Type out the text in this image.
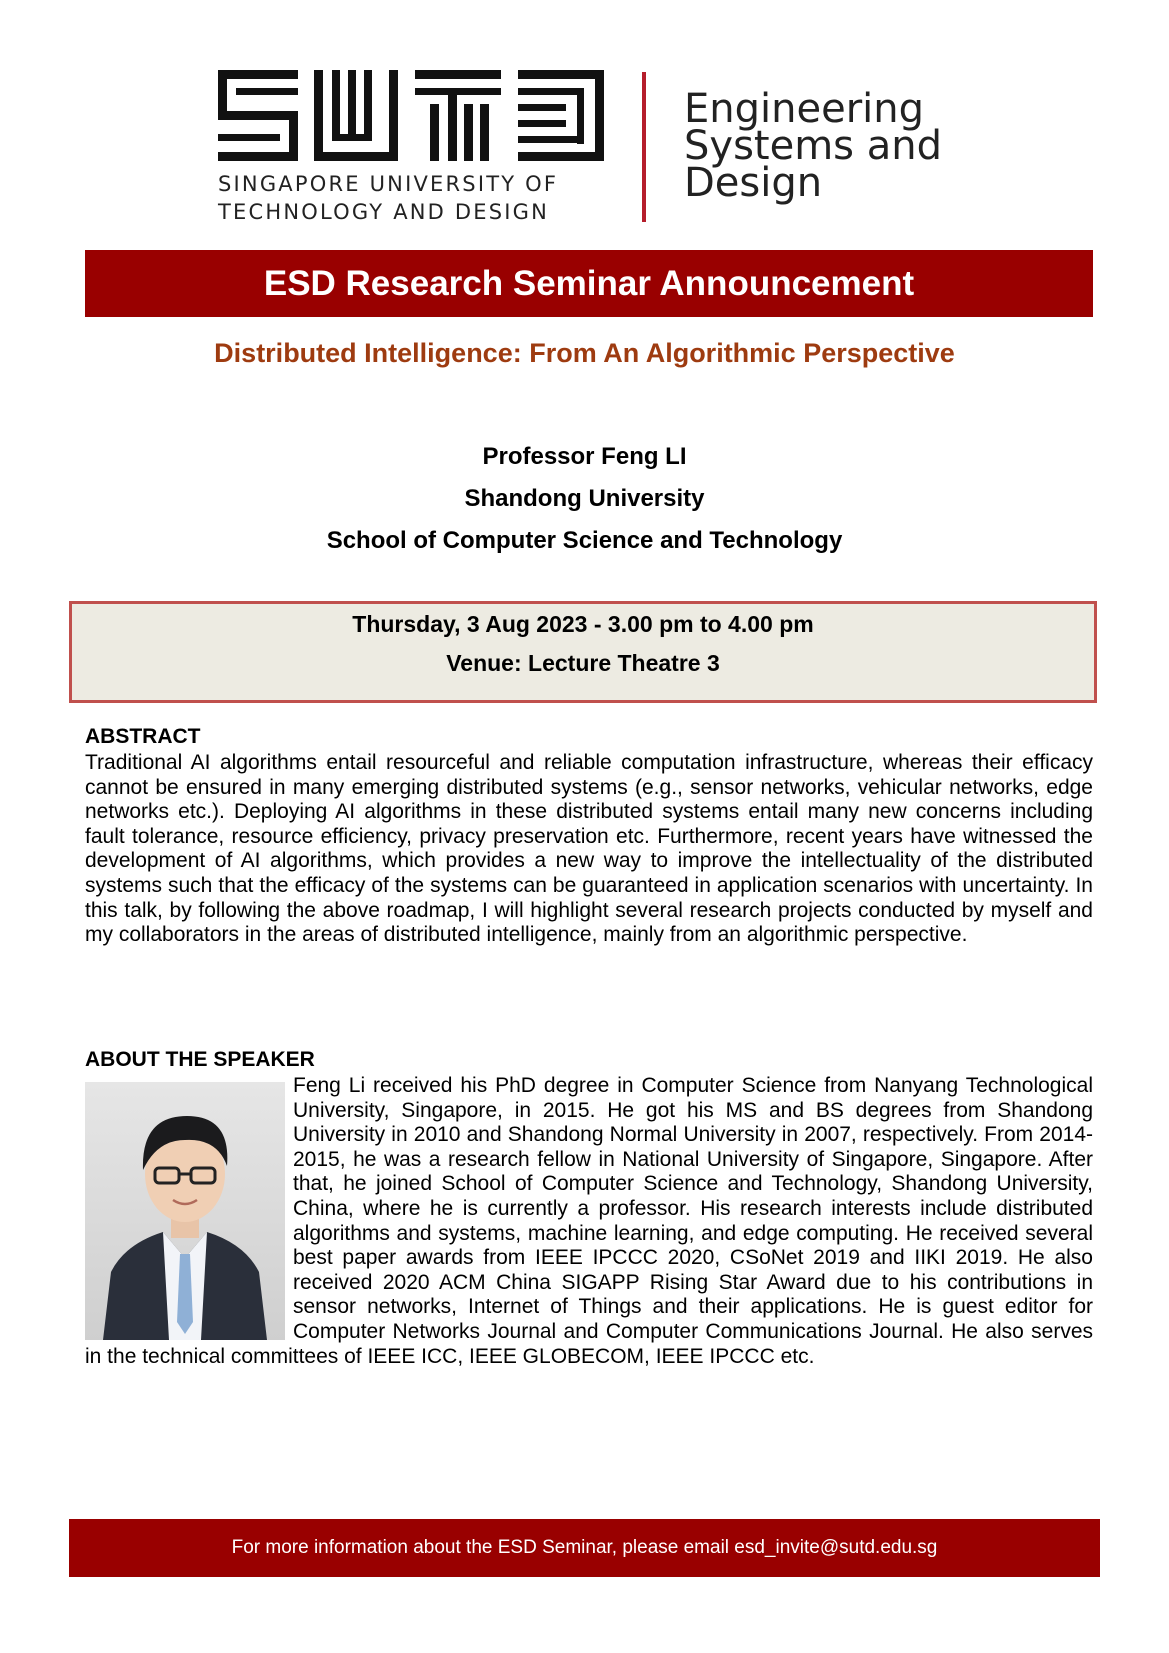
SINGAPORE UNIVERSITY OF
TECHNOLOGY AND DESIGN
Engineering
Systems and
Design
ESD Research Seminar Announcement
Distributed Intelligence: From An Algorithmic Perspective
Professor Feng LI
Shandong University
School of Computer Science and Technology
Thursday, 3 Aug 2023 - 3.00 pm to 4.00 pm
Venue: Lecture Theatre 3
ABSTRACT
Traditional AI algorithms entail resourceful and reliable computation infrastructure, whereas their efficacy cannot be ensured in many emerging distributed systems (e.g., sensor networks, vehicular networks, edge networks etc.). Deploying AI algorithms in these distributed systems entail many new concerns including fault tolerance, resource efficiency, privacy preservation etc. Furthermore, recent years have witnessed the development of AI algorithms, which provides a new way to improve the intellectuality of the distributed systems such that the efficacy of the systems can be guaranteed in application scenarios with uncertainty. In this talk, by following the above roadmap, I will highlight several research projects conducted by myself and my collaborators in the areas of distributed intelligence, mainly from an algorithmic perspective.
ABOUT THE SPEAKER
Feng Li received his PhD degree in Computer Science from Nanyang Technological University, Singapore, in 2015. He got his MS and BS degrees from Shandong University in 2010 and Shandong Normal University in 2007, respectively. From 2014-2015, he was a research fellow in National University of Singapore, Singapore. After that, he joined School of Computer Science and Technology, Shandong University, China, where he is currently a professor. His research interests include distributed algorithms and systems, machine learning, and edge computing. He received several best paper awards from IEEE IPCCC 2020, CSoNet 2019 and IIKI 2019. He also received 2020 ACM China SIGAPP Rising Star Award due to his contributions in sensor networks, Internet of Things and their applications. He is guest editor for Computer Networks Journal and Computer Communications Journal. He also serves in the technical committees of IEEE ICC, IEEE GLOBECOM, IEEE IPCCC etc.
For more information about the ESD Seminar, please email esd_invite@sutd.edu.sg
